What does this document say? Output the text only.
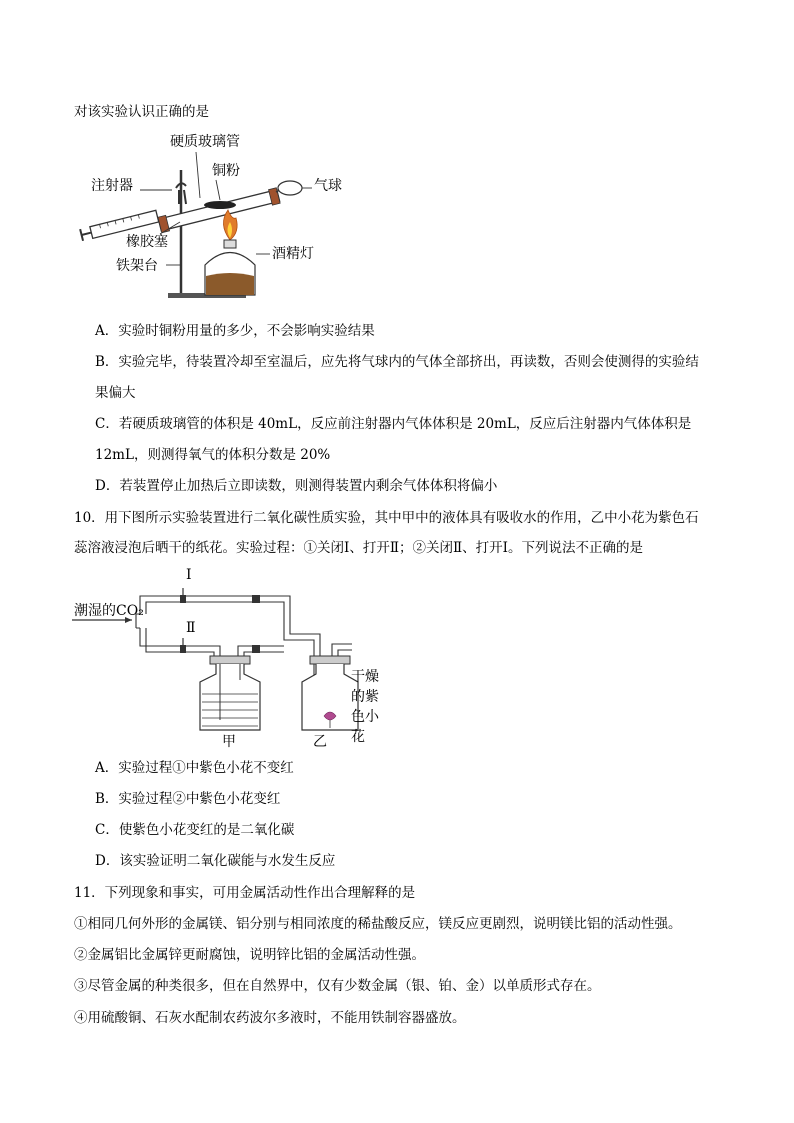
对该实验认识正确的是
硬质玻璃管
铜粉
注射器	气球
橡胶塞
酒精灯
铁架台
A．实验时铜粉用量的多少，不会影响实验结果
B．实验完毕，待装置冷却至室温后，应先将气球内的气体全部挤出，再读数，否则会使测得的实验结
果偏大
C．若硬质玻璃管的体积是 40mL，反应前注射器内气体体积是 20mL，反应后注射器内气体体积是
12mL，则测得氧气的体积分数是 20%
D．若装置停止加热后立即读数，则测得装置内剩余气体体积将偏小
10．用下图所示实验装置进行二氧化碳性质实验，其中甲中的液体具有吸收水的作用，乙中小花为紫色石
蕊溶液浸泡后晒干的纸花。实验过程：①关闭Ⅰ、打开Ⅱ；②关闭Ⅱ、打开Ⅰ。下列说法不正确的是
潮湿的CO₂
Ⅰ
Ⅱ
甲	乙
干燥
的紫
色小
花
A．实验过程①中紫色小花不变红
B．实验过程②中紫色小花变红
C．使紫色小花变红的是二氧化碳
D．该实验证明二氧化碳能与水发生反应
11．下列现象和事实，可用金属活动性作出合理解释的是
①相同几何外形的金属镁、铝分别与相同浓度的稀盐酸反应，镁反应更剧烈，说明镁比铝的活动性强。
②金属铝比金属锌更耐腐蚀，说明锌比铝的金属活动性强。
③尽管金属的种类很多，但在自然界中，仅有少数金属（银、铂、金）以单质形式存在。
④用硫酸铜、石灰水配制农药波尔多液时，不能用铁制容器盛放。
